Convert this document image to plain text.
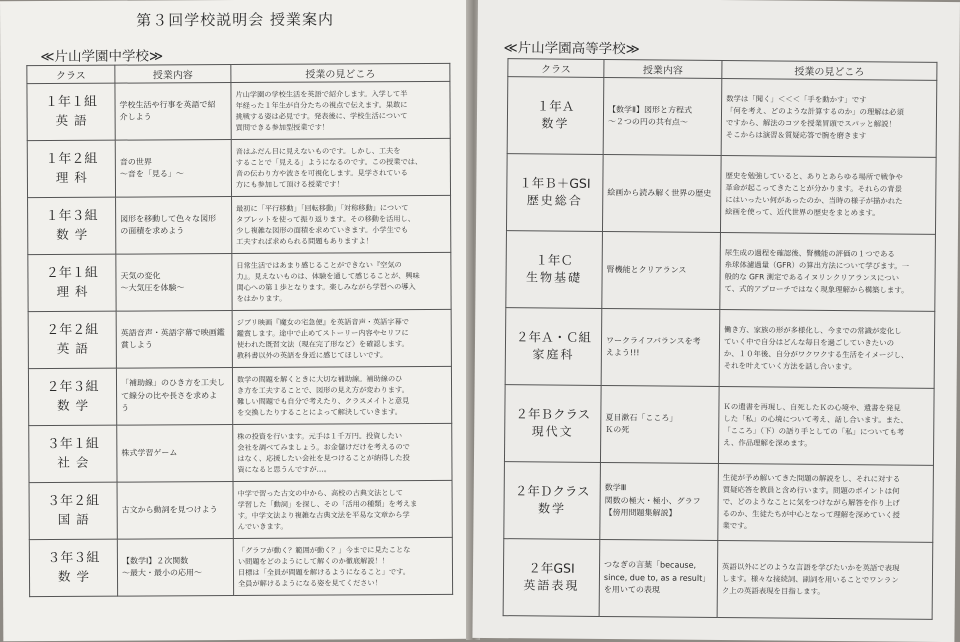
第３回学校説明会 授業案内
≪片山学園中学校≫
クラス	授業内容	授業の見どころ

１年１組
英語	学校生活や行事を英語で紹
介しよう	片山学園の学校生活を英語で紹介します。入学して半
年経った１年生が自分たちの視点で伝えます。果敢に
挑戦する姿は必見です。発表後に、学校生活について
質問できる参加型授業です！

１年２組
理科	音の世界
〜音を「見る」〜	音はふだん目に見えないものです。しかし、工夫を
することで「見える」ようになるのです。この授業では、
音の伝わり方や波さを可視化します。見学されている
方にも参加して頂ける授業です！

１年３組
数学	図形を移動して色々な図形
の面積を求めよう	最初に「平行移動」「回転移動」「対称移動」について
タブレットを使って振り返ります。その移動を活用し、
少し複雑な図形の面積を求めていきます。小学生でも
工夫すれば求められる問題もありますよ！

２年１組
理科	天気の変化
〜大気圧を体験〜	日常生活ではあまり感じることができない『空気の
力』。見えないものは、体験を通して感じることが、興味
関心への第１歩となります。楽しみながら学習への導入
をはかります。

２年２組
英語	英語音声・英語字幕で映画鑑
賞しよう	ジブリ映画『魔女の宅急便』を英語音声・英語字幕で
鑑賞します。途中で止めてストーリー内容やセリフに
使われた既習文法（現在完了形など）を確認します。
教科書以外の英語を身近に感じてほしいです。

２年３組
数学	「補助線」のひき方を工夫し
て線分の比や長さを求めよ
う	数学の問題を解くときに大切な補助線。補助線のひ
き方を工夫することで、図形の見え方が変わります。
難しい問題でも自分で考えたり、クラスメイトと意見
を交換したりすることによって解決していきます。

３年１組
社会	株式学習ゲーム	株の投資を行います。元手は１千万円。投資したい
会社を調べてみましょう。お金儲けだけを考えるので
はなく、応援したい会社を見つけることが納得した投
資になると思うんですが…。

３年２組
国語	古文から動詞を見つけよう	中学で習った古文の中から、高校の古典文法として
学習した「動詞」を探し、その「活用の種類」を考えま
す。中学文法より複雑な古典文法を平易な文章から学
んでいきます。

３年３組
数学	【数学Ⅰ】２次関数
〜最大・最小の応用〜	「グラフが動く？範囲が動く？」今までに見たことな
い問題をどのようにして解くのか徹底解説！！
目標は「全員が問題を解けるようになること」です。
全員が解けるようになる姿を見てください！
≪片山学園高等学校≫
クラス	授業内容	授業の見どころ

１年Ａ
数学	【数学Ⅱ】図形と方程式
〜２つの円の共有点〜	数学は「聞く」＜＜＜「手を動かす」です
「何を考え、どのような計算するのか」の理解は必須
ですから、解法のコツを授業冒頭でスパッと解説！
そこからは演習＆質疑応答で腕を磨きます

１年Ｂ＋GSI
歴史総合	絵画から読み解く世界の歴史	歴史を勉強していると、ありとあらゆる場所で戦争や
革命が起こってきたことが分かります。それらの背景
にはいったい何があったのか、当時の様子が描かれた
絵画を使って、近代世界の歴史をまとめます。

１年Ｃ
生物基礎	腎機能とクリアランス	尿生成の過程を確認後、腎機能の評価の１つである
糸球体濾過量（GFR）の算出方法について学びます。一
般的な GFR 測定であるイヌリンクリアランスについ
て、式的アプローチではなく現象理解から構築します。

２年Ａ・Ｃ組
家庭科	ワークライフバランスを考
えよう!!!	働き方、家族の形が多様化し、今までの常識が変化し
ていく中で自分はどんな毎日を過ごしていきたいの
か、１０年後、自分がワクワクする生活をイメージし、
それを叶えていく方法を話し合います。

２年Ｂクラス
現代文	夏目漱石「こころ」
Ｋの死	Ｋの遺書を再現し、自死したＫの心境や、遺書を発見
した「私」の心境について考え、話し合います。また、
「こころ」（下）の語り手としての「私」についても考
え、作品理解を深めます。

２年Ｄクラス
数学	数学Ⅲ
関数の極大・極小、グラフ
【傍用問題集解説】	生徒が予め解いてきた問題の解説をし、それに対する
質疑応答を教員と含め行います。問題のポイントは何
で、どのようなことに気をつけながら解答を作り上げ
るのか、生徒たちが中心となって理解を深めていく授
業です。

２年GSI
英語表現	つなぎの言葉「because,
since, due to, as a result」
を用いての表現	英語以外にどのような言語を学びたいかを英語で表現
します。様々な接続詞、副詞を用いることでワンラン
ク上の英語表現を目指します。
